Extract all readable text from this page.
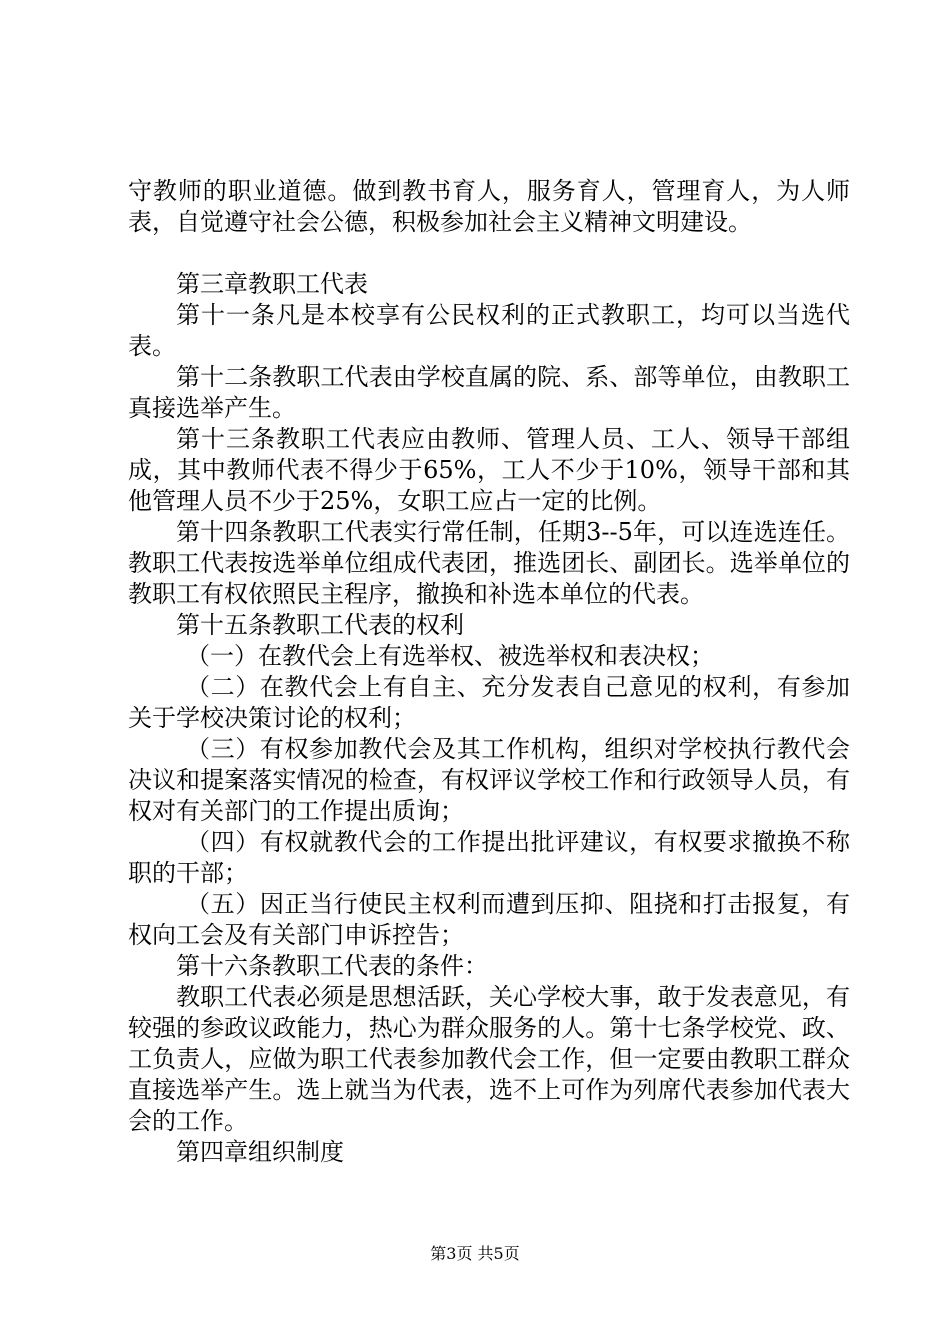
守教师的职业道德。做到教书育人，服务育人，管理育人，为人师表，自觉遵守社会公德，积极参加社会主义精神文明建设。

第三章教职工代表

第十一条凡是本校享有公民权利的正式教职工，均可以当选代表。

第十二条教职工代表由学校直属的院、系、部等单位，由教职工真接选举产生。

第十三条教职工代表应由教师、管理人员、工人、领导干部组成，其中教师代表不得少于65%，工人不少于10%，领导干部和其他管理人员不少于25%，女职工应占一定的比例。

第十四条教职工代表实行常任制，任期3--5年，可以连选连任。教职工代表按选举单位组成代表团，推选团长、副团长。选举单位的教职工有权依照民主程序，撤换和补选本单位的代表。

第十五条教职工代表的权利

（一）在教代会上有选举权、被选举权和表决权；

（二）在教代会上有自主、充分发表自己意见的权利，有参加关于学校决策讨论的权利；

（三）有权参加教代会及其工作机构，组织对学校执行教代会决议和提案落实情况的检查，有权评议学校工作和行政领导人员，有权对有关部门的工作提出质询；

（四）有权就教代会的工作提出批评建议，有权要求撤换不称职的干部；

（五）因正当行使民主权利而遭到压抑、阻挠和打击报复，有权向工会及有关部门申诉控告；

第十六条教职工代表的条件：

教职工代表必须是思想活跃，关心学校大事，敢于发表意见，有较强的参政议政能力，热心为群众服务的人。第十七条学校党、政、工负责人，应做为职工代表参加教代会工作，但一定要由教职工群众直接选举产生。选上就当为代表，选不上可作为列席代表参加代表大会的工作。

第四章组织制度

第3页 共5页
